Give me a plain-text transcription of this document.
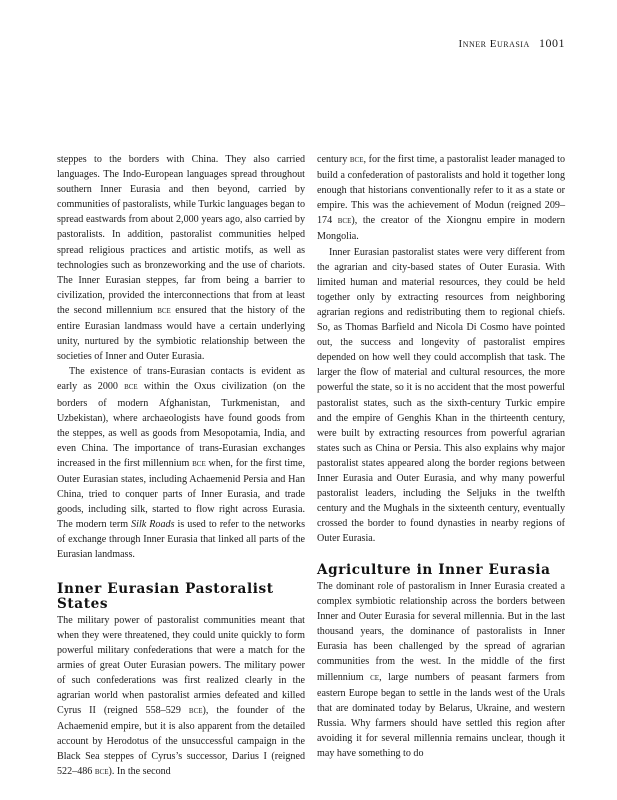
Inner Eurasia 1001

steppes to the borders with China. They also carried languages. The Indo-European languages spread throughout southern Inner Eurasia and then beyond, carried by communities of pastoralists, while Turkic languages began to spread eastwards from about 2,000 years ago, also carried by pastoralists. In addition, pastoralist communities helped spread religious practices and artistic motifs, as well as technologies such as bronzeworking and the use of chariots. The Inner Eurasian steppes, far from being a barrier to civilization, provided the interconnections that from at least the second millennium bce ensured that the history of the entire Eurasian landmass would have a certain underlying unity, nurtured by the symbiotic relationship between the societies of Inner and Outer Eurasia.

The existence of trans-Eurasian contacts is evident as early as 2000 bce within the Oxus civilization (on the borders of modern Afghanistan, Turkmenistan, and Uzbekistan), where archaeologists have found goods from the steppes, as well as goods from Mesopotamia, India, and even China. The importance of trans-Eurasian exchanges increased in the first millennium bce when, for the first time, Outer Eurasian states, including Achaemenid Persia and Han China, tried to conquer parts of Inner Eurasia, and trade goods, including silk, started to flow right across Eurasia. The modern term Silk Roads is used to refer to the networks of exchange through Inner Eurasia that linked all parts of the Eurasian landmass.

Inner Eurasian Pastoralist States

The military power of pastoralist communities meant that when they were threatened, they could unite quickly to form powerful military confederations that were a match for the armies of great Outer Eurasian powers. The military power of such confederations was first realized clearly in the agrarian world when pastoralist armies defeated and killed Cyrus II (reigned 558–529 bce), the founder of the Achaemenid empire, but it is also apparent from the detailed account by Herodotus of the unsuccessful campaign in the Black Sea steppes of Cyrus’s successor, Darius I (reigned 522–486 bce). In the second

century bce, for the first time, a pastoralist leader managed to build a confederation of pastoralists and hold it together long enough that historians conventionally refer to it as a state or empire. This was the achievement of Modun (reigned 209–174 bce), the creator of the Xiongnu empire in modern Mongolia.

Inner Eurasian pastoralist states were very different from the agrarian and city-based states of Outer Eurasia. With limited human and material resources, they could be held together only by extracting resources from neighboring agrarian regions and redistributing them to regional chiefs. So, as Thomas Barfield and Nicola Di Cosmo have pointed out, the success and longevity of pastoralist empires depended on how well they could accomplish that task. The larger the flow of material and cultural resources, the more powerful the state, so it is no accident that the most powerful pastoralist states, such as the sixth-century Turkic empire and the empire of Genghis Khan in the thirteenth century, were built by extracting resources from powerful agrarian states such as China or Persia. This also explains why major pastoralist states appeared along the border regions between Inner Eurasia and Outer Eurasia, and why many powerful pastoralist leaders, including the Seljuks in the twelfth century and the Mughals in the sixteenth century, eventually crossed the border to found dynasties in nearby regions of Outer Eurasia.

Agriculture in Inner Eurasia

The dominant role of pastoralism in Inner Eurasia created a complex symbiotic relationship across the borders between Inner and Outer Eurasia for several millennia. But in the last thousand years, the dominance of pastoralists in Inner Eurasia has been challenged by the spread of agrarian communities from the west. In the middle of the first millennium ce, large numbers of peasant farmers from eastern Europe began to settle in the lands west of the Urals that are dominated today by Belarus, Ukraine, and western Russia. Why farmers should have settled this region after avoiding it for several millennia remains unclear, though it may have something to do
